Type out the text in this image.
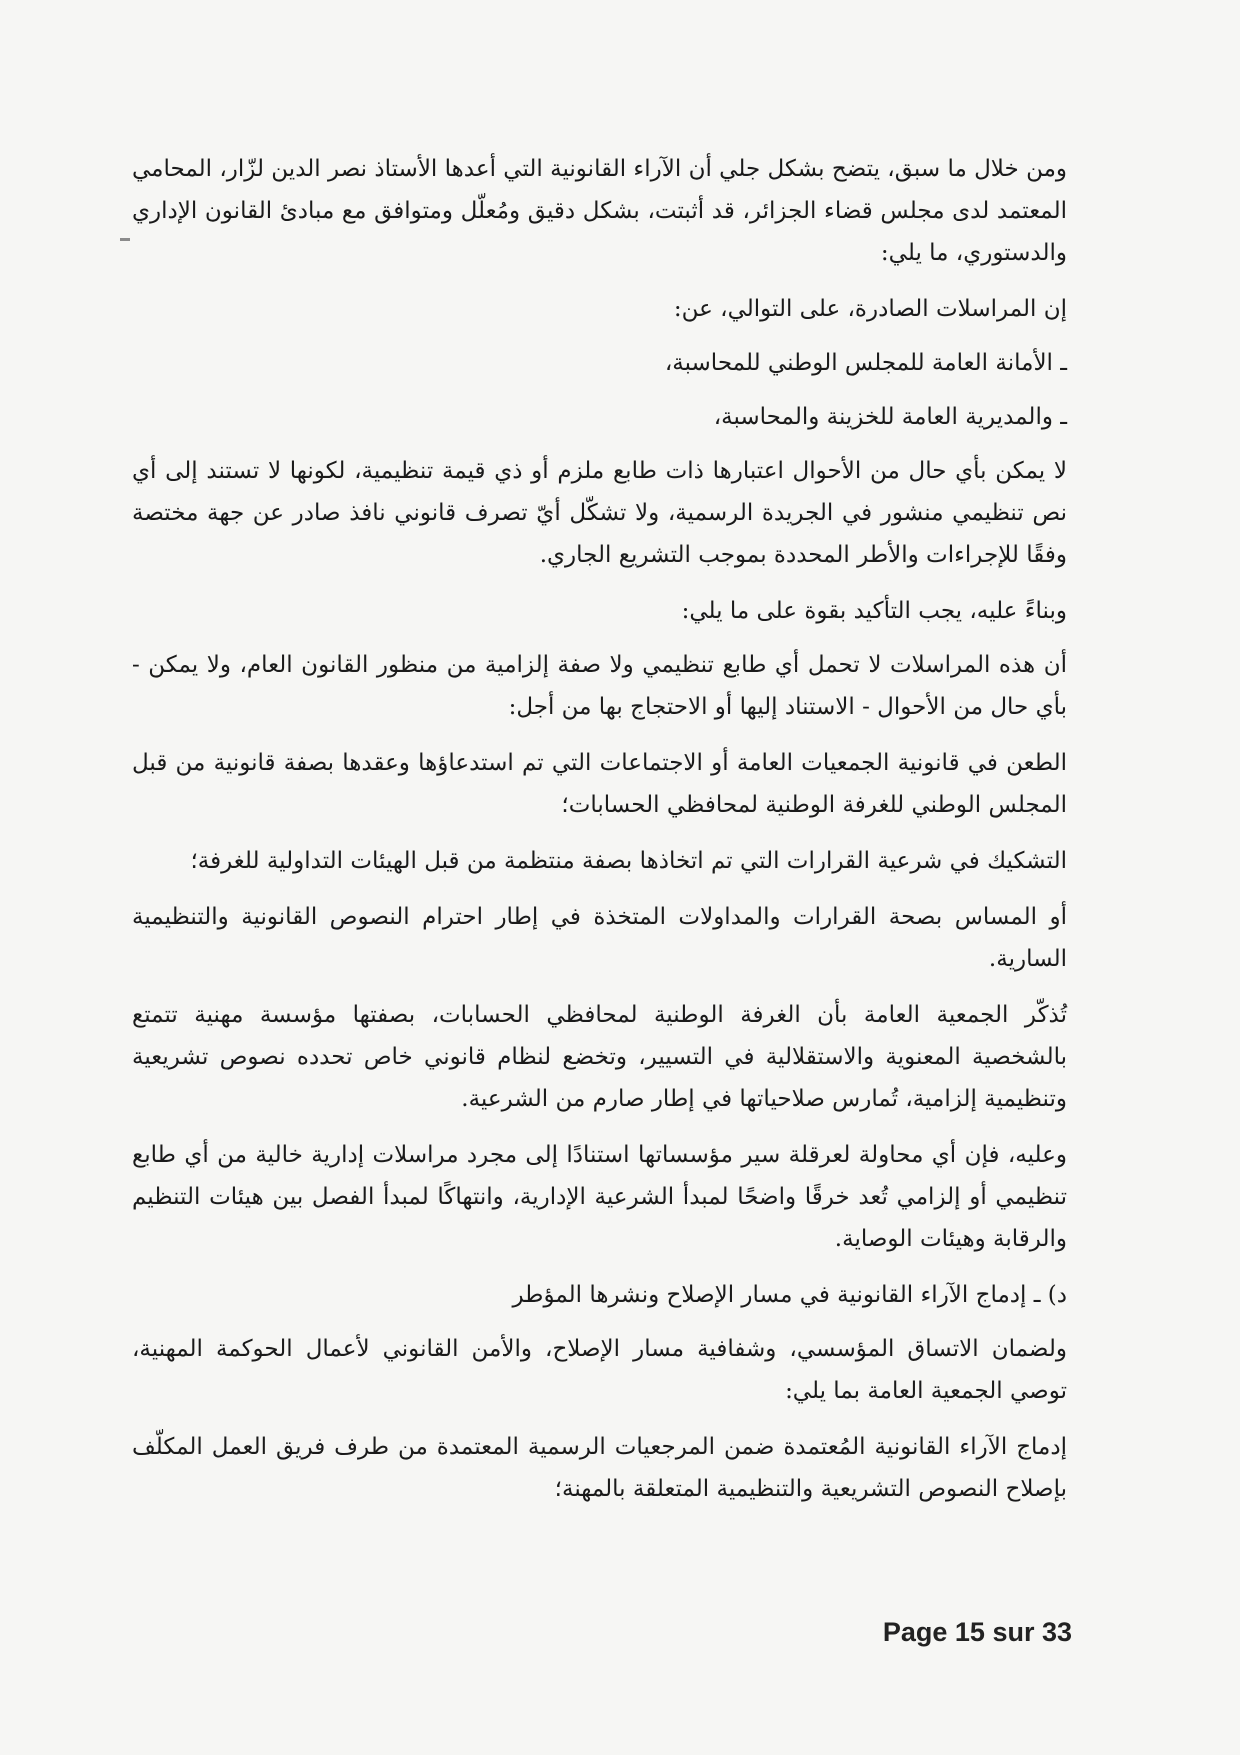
ومن خلال ما سبق، يتضح بشكل جلي أن الآراء القانونية التي أعدها الأستاذ نصر الدين لزّار، المحامي المعتمد لدى مجلس قضاء الجزائر، قد أثبتت، بشكل دقيق ومُعلّل ومتوافق مع مبادئ القانون الإداري والدستوري، ما يلي:

إن المراسلات الصادرة، على التوالي، عن:

ـ الأمانة العامة للمجلس الوطني للمحاسبة،

ـ والمديرية العامة للخزينة والمحاسبة،

لا يمكن بأي حال من الأحوال اعتبارها ذات طابع ملزم أو ذي قيمة تنظيمية، لكونها لا تستند إلى أي نص تنظيمي منشور في الجريدة الرسمية، ولا تشكّل أيّ تصرف قانوني نافذ صادر عن جهة مختصة وفقًا للإجراءات والأطر المحددة بموجب التشريع الجاري.

وبناءً عليه، يجب التأكيد بقوة على ما يلي:

أن هذه المراسلات لا تحمل أي طابع تنظيمي ولا صفة إلزامية من منظور القانون العام، ولا يمكن - بأي حال من الأحوال - الاستناد إليها أو الاحتجاج بها من أجل:

الطعن في قانونية الجمعيات العامة أو الاجتماعات التي تم استدعاؤها وعقدها بصفة قانونية من قبل المجلس الوطني للغرفة الوطنية لمحافظي الحسابات؛

التشكيك في شرعية القرارات التي تم اتخاذها بصفة منتظمة من قبل الهيئات التداولية للغرفة؛

أو المساس بصحة القرارات والمداولات المتخذة في إطار احترام النصوص القانونية والتنظيمية السارية.

تُذكّر الجمعية العامة بأن الغرفة الوطنية لمحافظي الحسابات، بصفتها مؤسسة مهنية تتمتع بالشخصية المعنوية والاستقلالية في التسيير، وتخضع لنظام قانوني خاص تحدده نصوص تشريعية وتنظيمية إلزامية، تُمارس صلاحياتها في إطار صارم من الشرعية.

وعليه، فإن أي محاولة لعرقلة سير مؤسساتها استنادًا إلى مجرد مراسلات إدارية خالية من أي طابع تنظيمي أو إلزامي تُعد خرقًا واضحًا لمبدأ الشرعية الإدارية، وانتهاكًا لمبدأ الفصل بين هيئات التنظيم والرقابة وهيئات الوصاية.

د) ـ إدماج الآراء القانونية في مسار الإصلاح ونشرها المؤطر

ولضمان الاتساق المؤسسي، وشفافية مسار الإصلاح، والأمن القانوني لأعمال الحوكمة المهنية، توصي الجمعية العامة بما يلي:

إدماج الآراء القانونية المُعتمدة ضمن المرجعيات الرسمية المعتمدة من طرف فريق العمل المكلّف بإصلاح النصوص التشريعية والتنظيمية المتعلقة بالمهنة؛

Page 15 sur 33
